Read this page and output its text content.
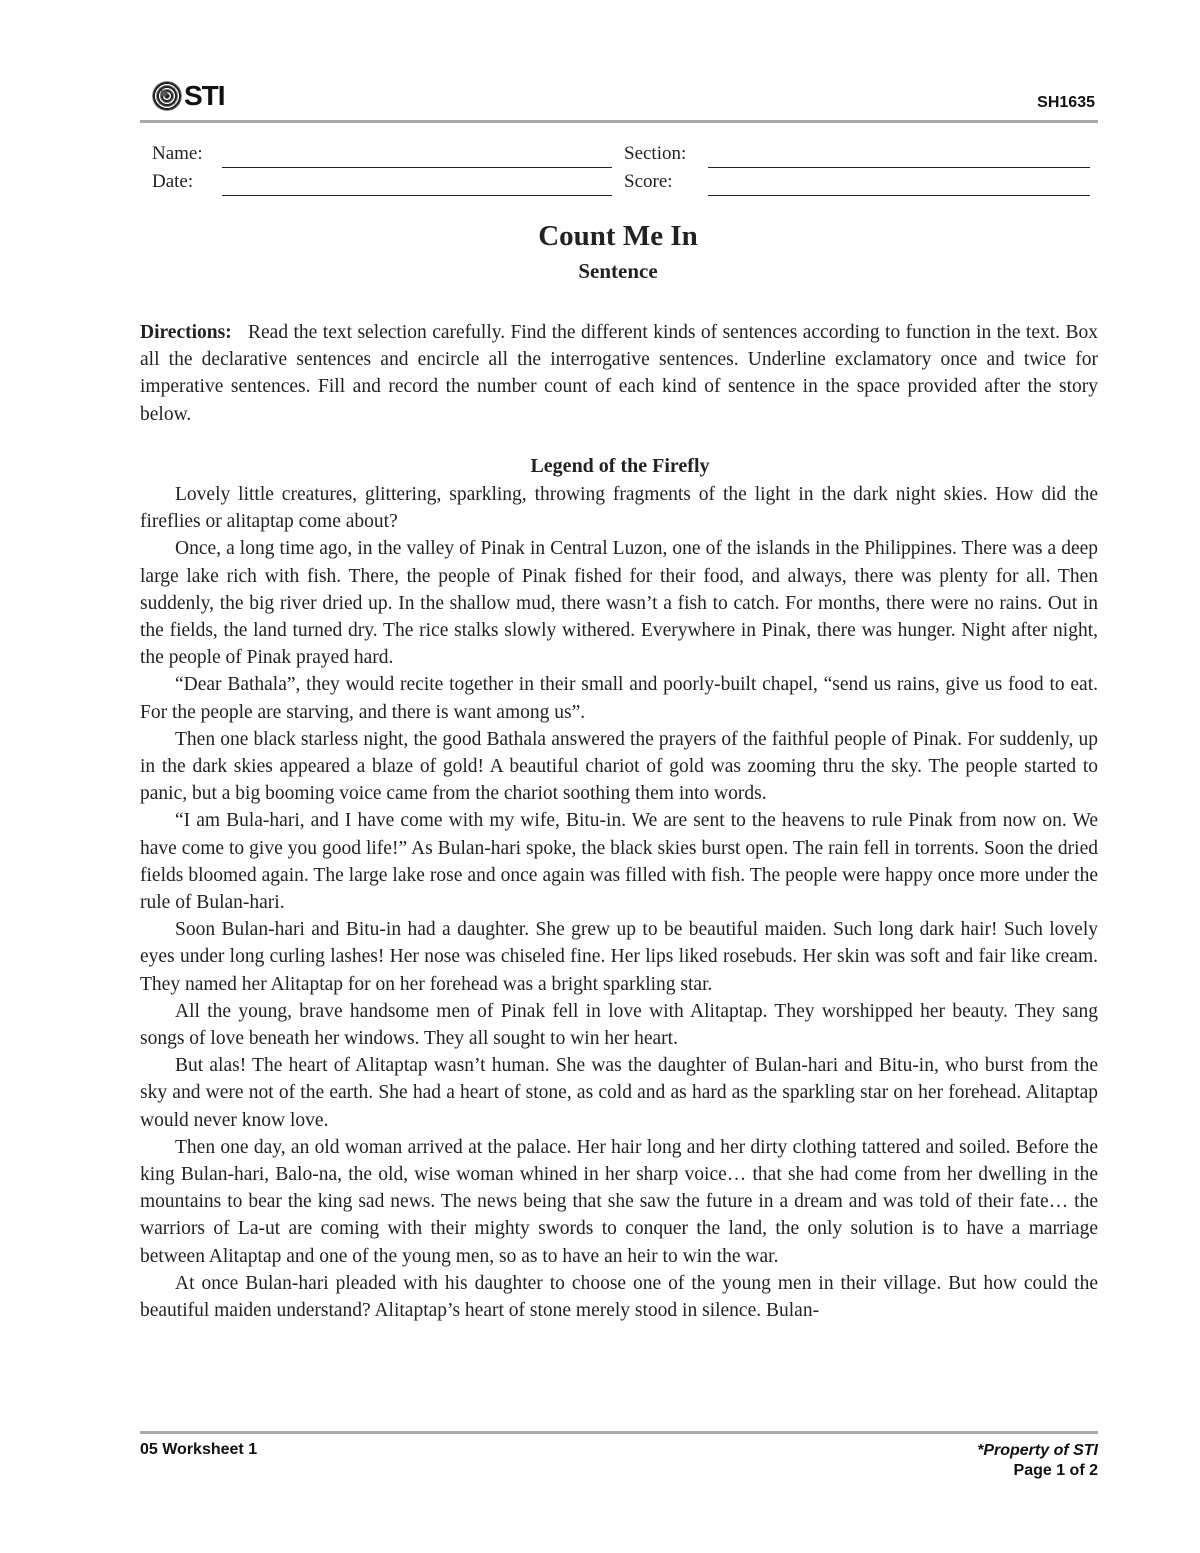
STI	SH1635
Name:	Section:
Date:	Score:
Count Me In
Sentence
Directions: Read the text selection carefully. Find the different kinds of sentences according to function in the text. Box all the declarative sentences and encircle all the interrogative sentences. Underline exclamatory once and twice for imperative sentences. Fill and record the number count of each kind of sentence in the space provided after the story below.
Legend of the Firefly

Lovely little creatures, glittering, sparkling, throwing fragments of the light in the dark night skies. How did the fireflies or alitaptap come about?

Once, a long time ago, in the valley of Pinak in Central Luzon, one of the islands in the Philippines. There was a deep large lake rich with fish. There, the people of Pinak fished for their food, and always, there was plenty for all. Then suddenly, the big river dried up. In the shallow mud, there wasn’t a fish to catch. For months, there were no rains. Out in the fields, the land turned dry. The rice stalks slowly withered. Everywhere in Pinak, there was hunger. Night after night, the people of Pinak prayed hard.

“Dear Bathala”, they would recite together in their small and poorly-built chapel, “send us rains, give us food to eat. For the people are starving, and there is want among us”.

Then one black starless night, the good Bathala answered the prayers of the faithful people of Pinak. For suddenly, up in the dark skies appeared a blaze of gold! A beautiful chariot of gold was zooming thru the sky. The people started to panic, but a big booming voice came from the chariot soothing them into words.

“I am Bula-hari, and I have come with my wife, Bitu-in. We are sent to the heavens to rule Pinak from now on. We have come to give you good life!” As Bulan-hari spoke, the black skies burst open. The rain fell in torrents. Soon the dried fields bloomed again. The large lake rose and once again was filled with fish. The people were happy once more under the rule of Bulan-hari.

Soon Bulan-hari and Bitu-in had a daughter. She grew up to be beautiful maiden. Such long dark hair! Such lovely eyes under long curling lashes! Her nose was chiseled fine. Her lips liked rosebuds. Her skin was soft and fair like cream. They named her Alitaptap for on her forehead was a bright sparkling star.

All the young, brave handsome men of Pinak fell in love with Alitaptap. They worshipped her beauty. They sang songs of love beneath her windows. They all sought to win her heart.

But alas! The heart of Alitaptap wasn’t human. She was the daughter of Bulan-hari and Bitu-in, who burst from the sky and were not of the earth. She had a heart of stone, as cold and as hard as the sparkling star on her forehead. Alitaptap would never know love.

Then one day, an old woman arrived at the palace. Her hair long and her dirty clothing tattered and soiled. Before the king Bulan-hari, Balo-na, the old, wise woman whined in her sharp voice… that she had come from her dwelling in the mountains to bear the king sad news. The news being that she saw the future in a dream and was told of their fate… the warriors of La-ut are coming with their mighty swords to conquer the land, the only solution is to have a marriage between Alitaptap and one of the young men, so as to have an heir to win the war.

At once Bulan-hari pleaded with his daughter to choose one of the young men in their village. But how could the beautiful maiden understand? Alitaptap’s heart of stone merely stood in silence. Bulan-

05 Worksheet 1	*Property of STI
Page 1 of 2
